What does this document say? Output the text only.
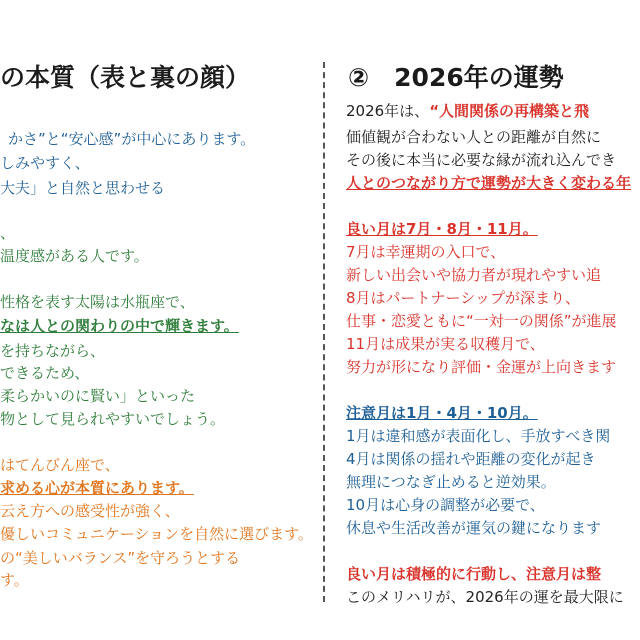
の本質（表と裏の顔）
かさ”と“安心感”が中心にあります。
しみやすく、
大夫」と自然と思わせる
、
温度感がある人です。
性格を表す太陽は水瓶座で、
なは人との関わりの中で輝きます。
を持ちながら、
できるため、
柔らかいのに賢い」といった
物として見られやすいでしょう。
はてんびん座で、
求める心が本質にあります。
云え方への感受性が強く、
優しいコミュニケーションを自然に選びます。
の“美しいバランス”を守ろうとする
す。
②　2026年の運勢
2026年は、“人間関係の再構築と飛
価値観が合わない人との距離が自然に
その後に本当に必要な縁が流れ込んでき
人とのつながり方で運勢が大きく変わる年
良い月は7月・8月・11月。
7月は幸運期の入口で、
新しい出会いや協力者が現れやすい追
8月はパートナーシップが深まり、
仕事・恋愛ともに“一対一の関係”が進展
11月は成果が実る収穫月で、
努力が形になり評価・金運が上向きます
注意月は1月・4月・10月。
1月は違和感が表面化し、手放すべき関
4月は関係の揺れや距離の変化が起き
無理につなぎ止めると逆効果。
10月は心身の調整が必要で、
休息や生活改善が運気の鍵になります
良い月は積極的に行動し、注意月は整
このメリハリが、2026年の運を最大限に
